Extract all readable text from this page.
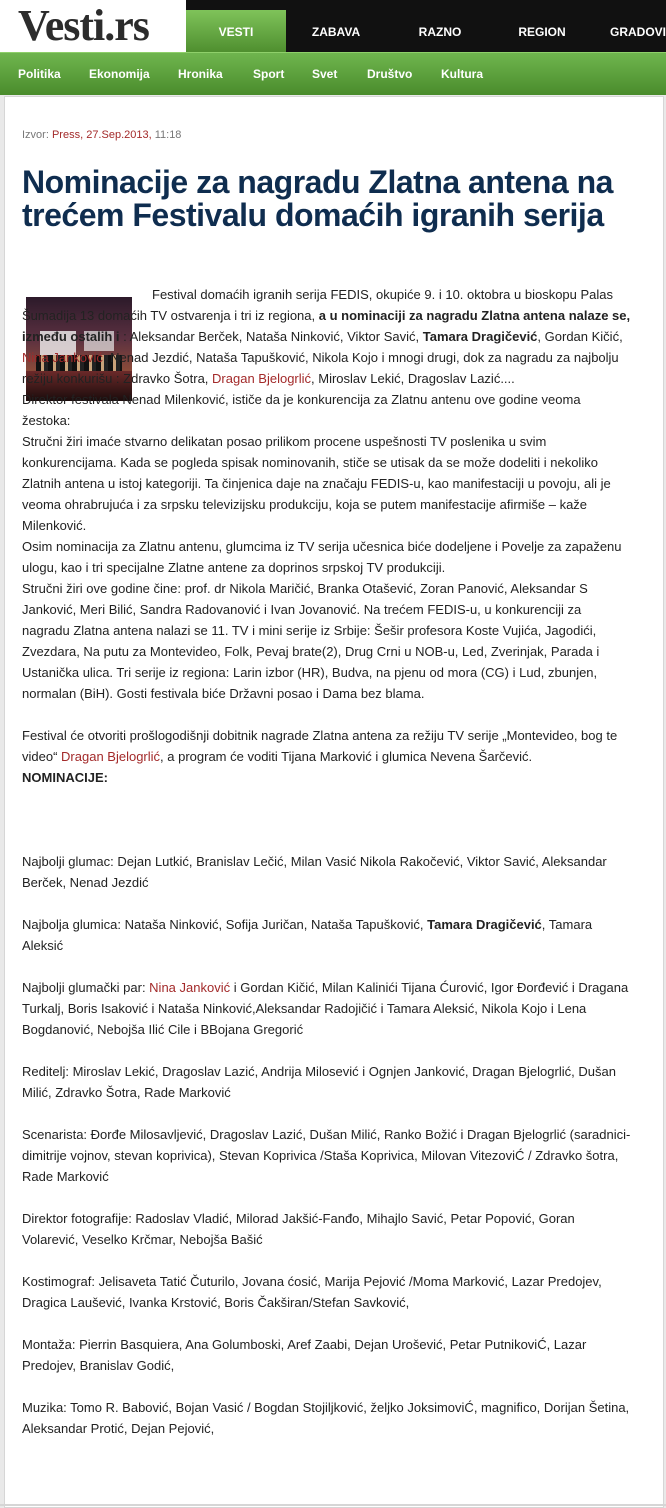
Vesti.rs	VESTI	ZABAVA	RAZNO	REGION	GRADOVI
Politika Ekonomija Hronika	Sport Svet Društvo Kultura
Izvor: Press, 27.Sep.2013, 11:18
Nominacije za nagradu Zlatna antena na trećem Festivalu domaćih igranih serija

Festival domaćih igranih serija FEDIS, okupiće 9. i 10. oktobra u bioskopu Palas Šumadija 13 domaćih TV ostvarenja i tri iz regiona, a u nominaciji za nagradu Zlatna antena nalaze se, između ostalih i : Aleksandar Berček, Nataša Ninković, Viktor Savić, Tamara Dragičević, Gordan Kičić, Nina Janković, Nenad Jezdić, Nataša Tapušković, Nikola Kojo i mnogi drugi, dok za nagradu za najbolju režiju konkurišu : Zdravko Šotra, Dragan Bjelogrlić, Miroslav Lekić, Dragoslav Lazić....

Direktor festivala Nenad Milenković, ističe da je konkurencija za Zlatnu antenu ove godine veoma žestoka:

Stručni žiri imaće stvarno delikatan posao prilikom procene uspešnosti TV poslenika u svim konkurencijama. Kada se pogleda spisak nominovanih, stiče se utisak da se može dodeliti i nekoliko Zlatnih antena u istoj kategoriji. Ta činjenica daje na značaju FEDIS-u, kao manifestaciji u povoju, ali je veoma ohrabrujuća i za srpsku televizijsku produkciju, koja se putem manifestacije afirmiše – kaže Milenković.

Osim nominacija za Zlatnu antenu, glumcima iz TV serija učesnica biće dodeljene i Povelje za zapaženu ulogu, kao i tri specijalne Zlatne antene za doprinos srpskoj TV produkciji.

Stručni žiri ove godine čine: prof. dr Nikola Maričić, Branka Otašević, Zoran Panović, Aleksandar S Janković, Meri Bilić, Sandra Radovanović i Ivan Jovanović. Na trećem FEDIS-u, u konkurenciji za nagradu Zlatna antena nalazi se 11. TV i mini serije iz Srbije: Šešir profesora Koste Vujića, Jagodići, Zvezdara, Na putu za Montevideo, Folk, Pevaj brate(2), Drug Crni u NOB-u, Led, Zverinjak, Parada i Ustanička ulica. Tri serije iz regiona: Larin izbor (HR), Budva, na pjenu od mora (CG) i Lud, zbunjen, normalan (BiH). Gosti festivala biće Državni posao i Dama bez blama.

Festival će otvoriti prošlogodišnji dobitnik nagrade Zlatna antena za režiju TV serije „Montevideo, bog te video“ Dragan Bjelogrlić, a program će voditi Tijana Marković i glumica Nevena Šarčević.

NOMINACIJE:

Najbolji glumac: Dejan Lutkić, Branislav Lečić, Milan Vasić Nikola Rakočević, Viktor Savić, Aleksandar Berček, Nenad Jezdić

Najbolja glumica: Nataša Ninković, Sofija Juričan, Nataša Tapušković, Tamara Dragičević, Tamara Aleksić

Najbolji glumački par: Nina Janković i Gordan Kičić, Milan Kalinići Tijana Ćurović, Igor Đorđević i Dragana Turkalj, Boris Isaković i Nataša Ninković,Aleksandar Radojičić i Tamara Aleksić, Nikola Kojo i Lena Bogdanović, Nebojša Ilić Cile i BBojana Gregorić

Reditelj: Miroslav Lekić, Dragoslav Lazić, Andrija Milosević i Ognjen Janković, Dragan Bjelogrlić, Dušan Milić, Zdravko Šotra, Rade Marković

Scenarista: Đorđe Milosavljević, Dragoslav Lazić, Dušan Milić, Ranko Božić i Dragan Bjelogrlić (saradnici- dimitrije vojnov, stevan koprivica), Stevan Koprivica /Staša Koprivica, Milovan VitezoviĆ / Zdravko šotra, Rade Marković

Direktor fotografije: Radoslav Vladić, Milorad Jakšić-Fanđo, Mihajlo Savić, Petar Popović, Goran Volarević, Veselko Krčmar, Nebojša Bašić

Kostimograf: Jelisaveta Tatić Čuturilo, Jovana ćosić, Marija Pejović /Moma Marković, Lazar Predojev, Dragica Laušević, Ivanka Krstović, Boris Čakširan/Stefan Savković,

Montaža: Pierrin Basquiera, Ana Golumboski, Aref Zaabi, Dejan Urošević, Petar PutnikoviĆ, Lazar Predojev, Branislav Godić,

Muzika: Tomo R. Babović, Bojan Vasić / Bogdan Stojiljković, željko JoksimoviĆ, magnifico, Dorijan Šetina, Aleksandar Protić, Dejan Pejović,
